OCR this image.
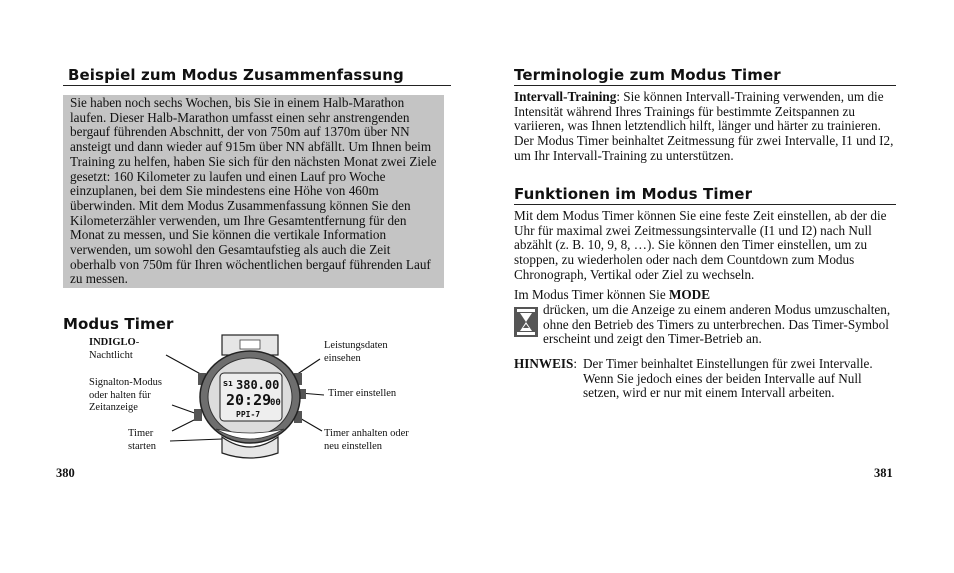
Beispiel zum Modus Zusammenfassung

Sie haben noch sechs Wochen, bis Sie in einem Halb-Marathon laufen. Dieser Halb-Marathon umfasst einen sehr anstrengenden bergauf führenden Abschnitt, der von 750m auf 1370m über NN ansteigt und dann wieder auf 915m über NN abfällt. Um Ihnen beim Training zu helfen, haben Sie sich für den nächsten Monat zwei Ziele gesetzt: 160 Kilometer zu laufen und einen Lauf pro Woche einzuplanen, bei dem Sie mindestens eine Höhe von 460m überwinden. Mit dem Modus Zusammenfassung können Sie den Kilometerzähler verwenden, um Ihre Gesamtentfernung für den Monat zu messen, und Sie können die vertikale Information verwenden, um sowohl den Gesamtaufstieg als auch die Zeit oberhalb von 750m für Ihren wöchentlichen bergauf führenden Lauf zu messen.

Modus Timer
INDIGLO-
Nachtlicht
Signalton-Modus
oder halten für
Zeitanzeige
Timer
starten
Leistungsdaten
einsehen
Timer einstellen
Timer anhalten oder
neu einstellen
S1 380.00
20:29
00
PPI-7
380
Terminologie zum Modus Timer

Intervall-Training: Sie können Intervall-Training verwenden, um die Intensität während Ihres Trainings für bestimmte Zeitspannen zu variieren, was Ihnen letztendlich hilft, länger und härter zu trainieren. Der Modus Timer beinhaltet Zeitmessung für zwei Intervalle, I1 und I2, um Ihr Intervall-Training zu unterstützen.

Funktionen im Modus Timer

Mit dem Modus Timer können Sie eine feste Zeit einstellen, ab der die Uhr für maximal zwei Zeitmessungsintervalle (I1 und I2) nach Null abzählt (z. B. 10, 9, 8, …). Sie können den Timer einstellen, um zu stoppen, zu wiederholen oder nach dem Countdown zum Modus Chronograph, Vertikal oder Ziel zu wechseln.

Im Modus Timer können Sie MODE

drücken, um die Anzeige zu einem anderen Modus umzuschalten, ohne den Betrieb des Timers zu unterbrechen. Das Timer-Symbol erscheint und zeigt den Timer-Betrieb an.

HINWEIS: Der Timer beinhaltet Einstellungen für zwei Intervalle. Wenn Sie jedoch eines der beiden Intervalle auf Null setzen, wird er nur mit einem Intervall arbeiten.

381
